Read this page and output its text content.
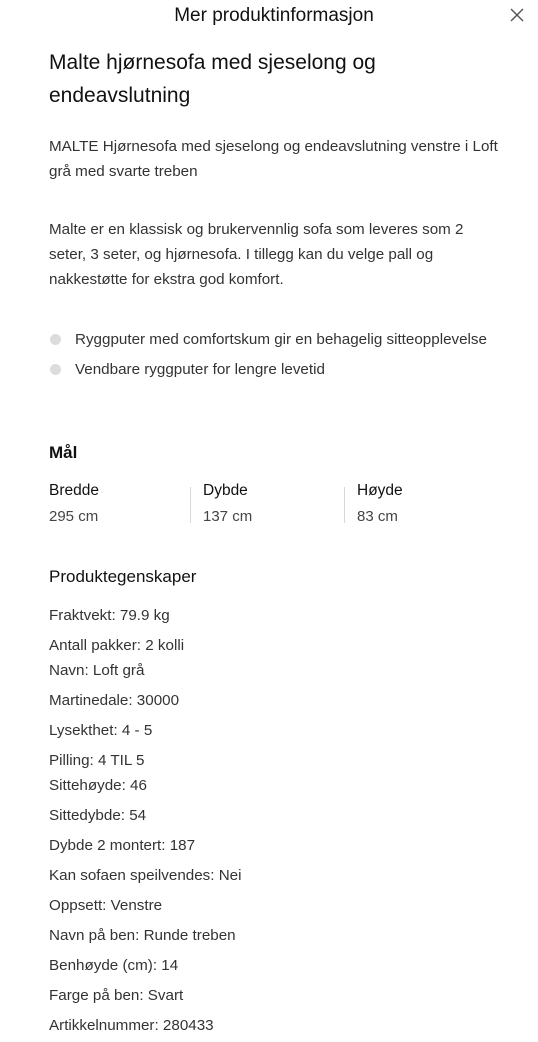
Mer produktinformasjon
Malte hjørnesofa med sjeselong og endeavslutning
MALTE Hjørnesofa med sjeselong og endeavslutning venstre i Loft grå med svarte treben
Malte er en klassisk og brukervennlig sofa som leveres som 2 seter, 3 seter, og hjørnesofa. I tillegg kan du velge pall og nakkestøtte for ekstra god komfort.
Ryggputer med comfortskum gir en behagelig sitteopplevelse
Vendbare ryggputer for lengre levetid
Mål
Bredde
295 cm
Dybde
137 cm
Høyde
83 cm
Produktegenskaper
Fraktvekt: 79.9 kg
Antall pakker: 2 kolli
Navn: Loft grå
Martinedale: 30000
Lysekthet: 4 - 5
Pilling: 4 TIL 5
Sittehøyde: 46
Sittedybde: 54
Dybde 2 montert: 187
Kan sofaen speilvendes: Nei
Oppsett: Venstre
Navn på ben: Runde treben
Benhøyde (cm): 14
Farge på ben: Svart
Artikkelnummer: 280433
